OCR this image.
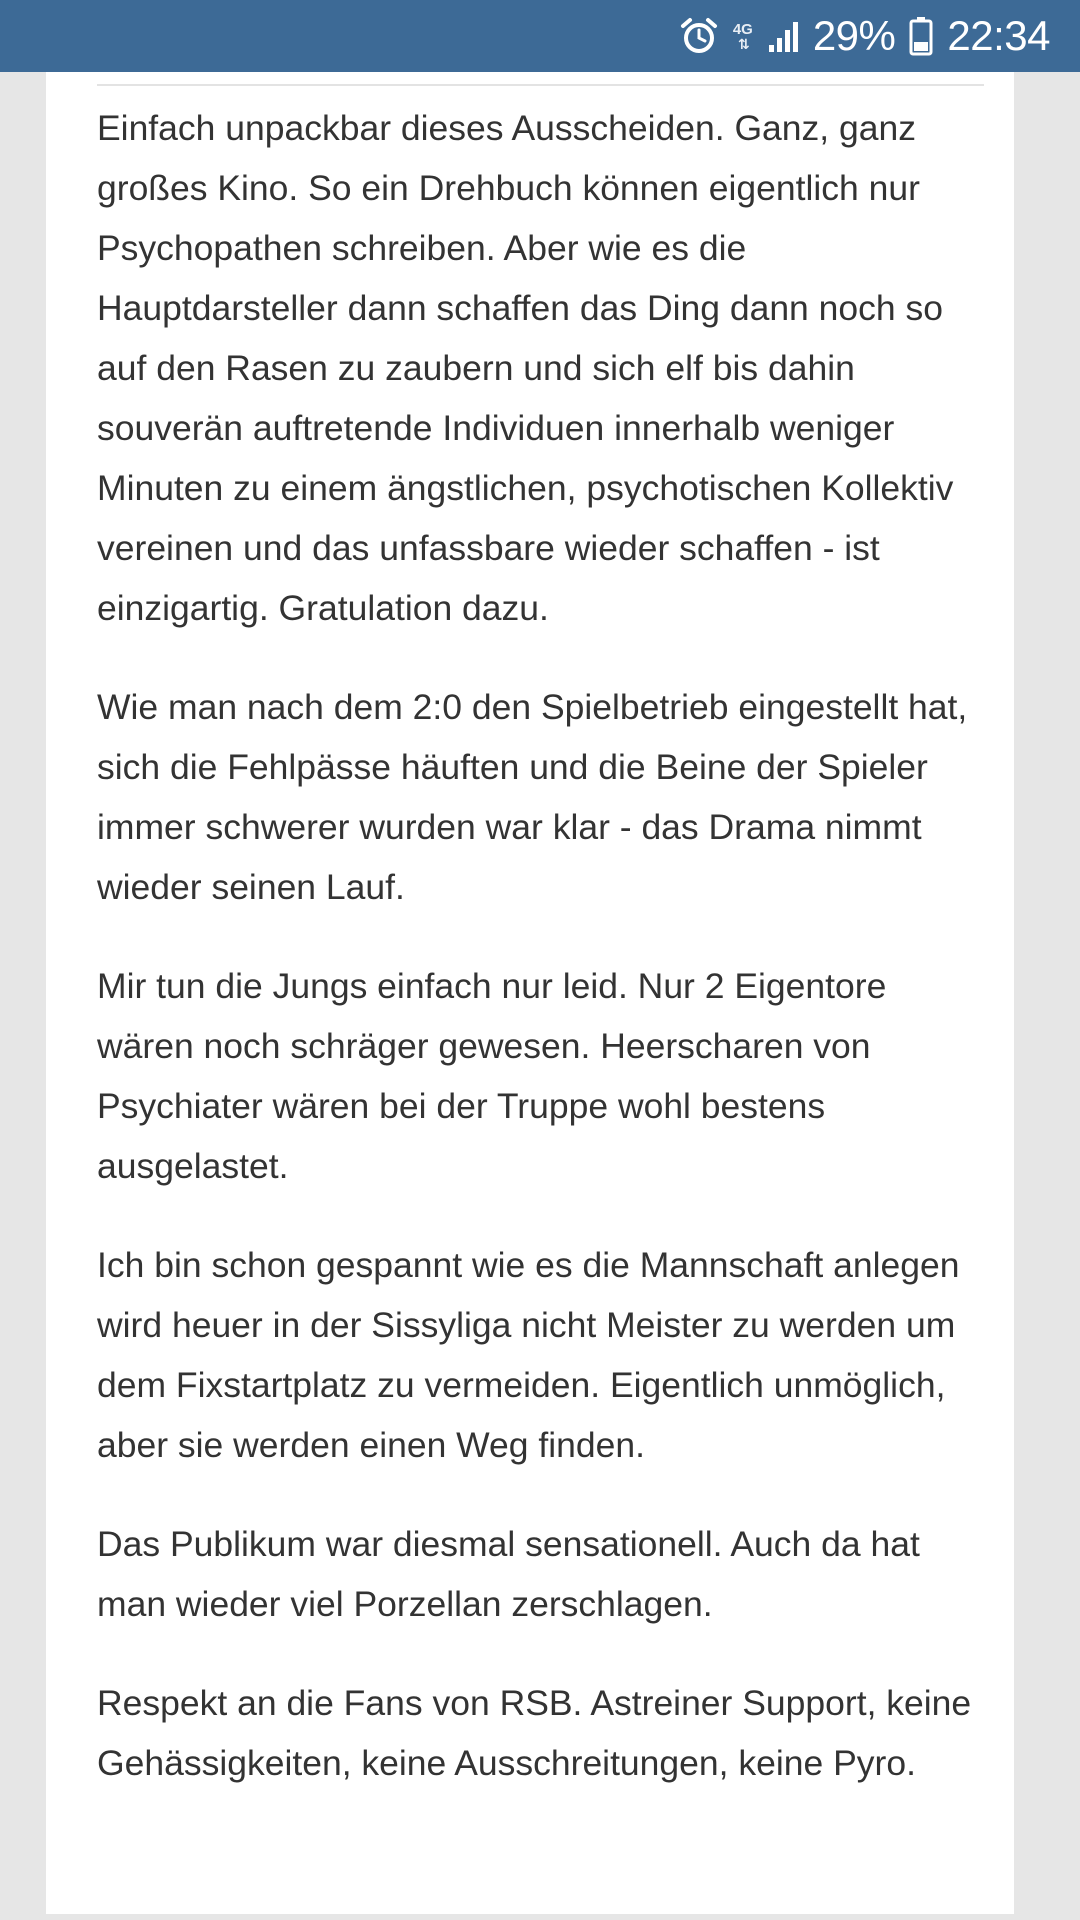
4G
⇅ 29% 22:34

Einfach unpackbar dieses Ausscheiden. Ganz, ganz großes Kino. So ein Drehbuch können eigentlich nur Psychopathen schreiben. Aber wie es die Hauptdarsteller dann schaffen das Ding dann noch so auf den Rasen zu zaubern und sich elf bis dahin souverän auftretende Individuen innerhalb weniger Minuten zu einem ängstlichen, psychotischen Kollektiv vereinen und das unfassbare wieder schaffen - ist einzigartig. Gratulation dazu.

Wie man nach dem 2:0 den Spielbetrieb eingestellt hat, sich die Fehlpässe häuften und die Beine der Spieler immer schwerer wurden war klar - das Drama nimmt wieder seinen Lauf.

Mir tun die Jungs einfach nur leid. Nur 2 Eigentore wären noch schräger gewesen. Heerscharen von Psychiater wären bei der Truppe wohl bestens ausgelastet.

Ich bin schon gespannt wie es die Mannschaft anlegen wird heuer in der Sissyliga nicht Meister zu werden um dem Fixstartplatz zu vermeiden. Eigentlich unmöglich, aber sie werden einen Weg finden.

Das Publikum war diesmal sensationell. Auch da hat man wieder viel Porzellan zerschlagen.

Respekt an die Fans von RSB. Astreiner Support, keine Gehässigkeiten, keine Ausschreitungen, keine Pyro.
